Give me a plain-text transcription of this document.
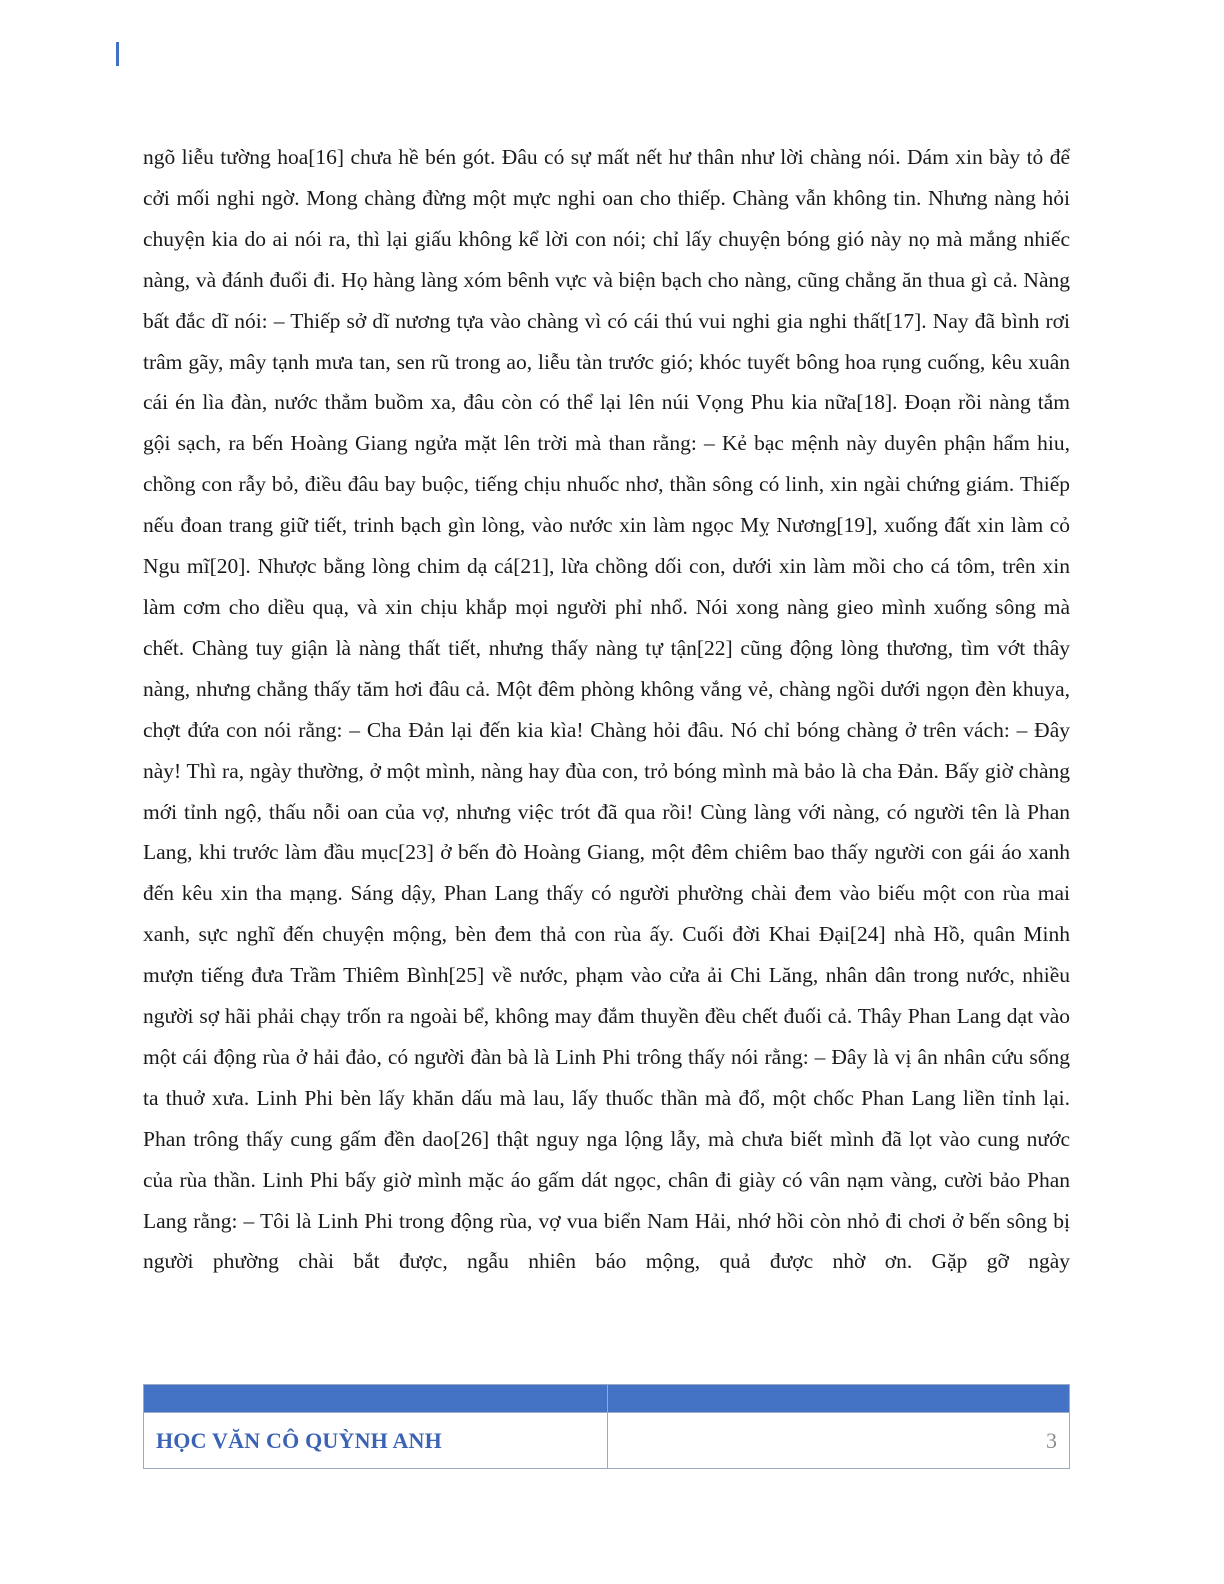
ngõ liễu tường hoa[16] chưa hề bén gót. Đâu có sự mất nết hư thân như lời chàng nói. Dám xin bày tỏ để cởi mối nghi ngờ. Mong chàng đừng một mực nghi oan cho thiếp. Chàng vẫn không tin. Nhưng nàng hỏi chuyện kia do ai nói ra, thì lại giấu không kể lời con nói; chỉ lấy chuyện bóng gió này nọ mà mắng nhiếc nàng, và đánh đuổi đi. Họ hàng làng xóm bênh vực và biện bạch cho nàng, cũng chẳng ăn thua gì cả. Nàng bất đắc dĩ nói: – Thiếp sở dĩ nương tựa vào chàng vì có cái thú vui nghi gia nghi thất[17]. Nay đã bình rơi trâm gãy, mây tạnh mưa tan, sen rũ trong ao, liễu tàn trước gió; khóc tuyết bông hoa rụng cuống, kêu xuân cái én lìa đàn, nước thẳm buồm xa, đâu còn có thể lại lên núi Vọng Phu kia nữa[18]. Đoạn rồi nàng tắm gội sạch, ra bến Hoàng Giang ngửa mặt lên trời mà than rằng: – Kẻ bạc mệnh này duyên phận hẩm hiu, chồng con rẫy bỏ, điều đâu bay buộc, tiếng chịu nhuốc nhơ, thần sông có linh, xin ngài chứng giám. Thiếp nếu đoan trang giữ tiết, trinh bạch gìn lòng, vào nước xin làm ngọc Mỵ Nương[19], xuống đất xin làm cỏ Ngu mĩ[20]. Nhược bằng lòng chim dạ cá[21], lừa chồng dối con, dưới xin làm mồi cho cá tôm, trên xin làm cơm cho diều quạ, và xin chịu khắp mọi người phỉ nhổ. Nói xong nàng gieo mình xuống sông mà chết. Chàng tuy giận là nàng thất tiết, nhưng thấy nàng tự tận[22] cũng động lòng thương, tìm vớt thây nàng, nhưng chẳng thấy tăm hơi đâu cả. Một đêm phòng không vắng vẻ, chàng ngồi dưới ngọn đèn khuya, chợt đứa con nói rằng: – Cha Đản lại đến kia kìa! Chàng hỏi đâu. Nó chỉ bóng chàng ở trên vách: – Đây này! Thì ra, ngày thường, ở một mình, nàng hay đùa con, trỏ bóng mình mà bảo là cha Đản. Bấy giờ chàng mới tỉnh ngộ, thấu nỗi oan của vợ, nhưng việc trót đã qua rồi! Cùng làng với nàng, có người tên là Phan Lang, khi trước làm đầu mục[23] ở bến đò Hoàng Giang, một đêm chiêm bao thấy người con gái áo xanh đến kêu xin tha mạng. Sáng dậy, Phan Lang thấy có người phường chài đem vào biếu một con rùa mai xanh, sực nghĩ đến chuyện mộng, bèn đem thả con rùa ấy. Cuối đời Khai Đại[24] nhà Hồ, quân Minh mượn tiếng đưa Trầm Thiêm Bình[25] về nước, phạm vào cửa ải Chi Lăng, nhân dân trong nước, nhiều người sợ hãi phải chạy trốn ra ngoài bể, không may đắm thuyền đều chết đuối cả. Thây Phan Lang dạt vào một cái động rùa ở hải đảo, có người đàn bà là Linh Phi trông thấy nói rằng: – Đây là vị ân nhân cứu sống ta thuở xưa. Linh Phi bèn lấy khăn dấu mà lau, lấy thuốc thần mà đổ, một chốc Phan Lang liền tỉnh lại. Phan trông thấy cung gấm đền dao[26] thật nguy nga lộng lẫy, mà chưa biết mình đã lọt vào cung nước của rùa thần. Linh Phi bấy giờ mình mặc áo gấm dát ngọc, chân đi giày có vân nạm vàng, cười bảo Phan Lang rằng: – Tôi là Linh Phi trong động rùa, vợ vua biển Nam Hải, nhớ hồi còn nhỏ đi chơi ở bến sông bị người phường chài bắt được, ngẫu nhiên báo mộng, quả được nhờ ơn. Gặp gỡ ngày

HỌC VĂN CÔ QUỲNH ANH	3
